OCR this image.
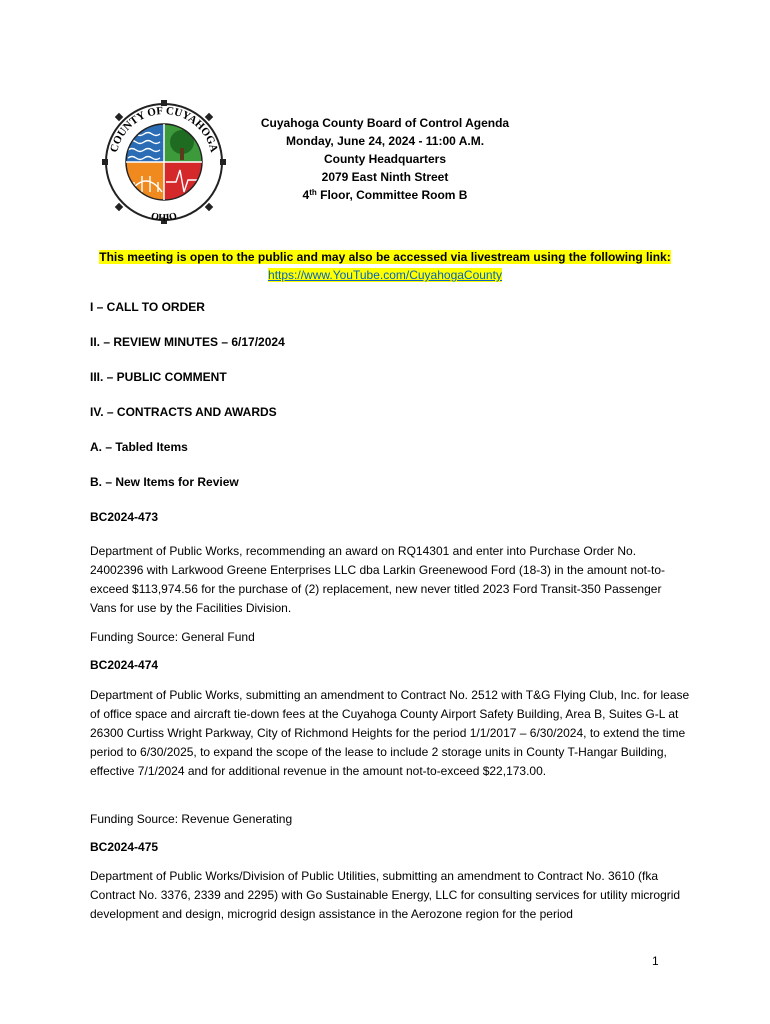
COUNTY OF CUYAHOGA
OHIO
Cuyahoga County Board of Control Agenda
Monday, June 24, 2024 - 11:00 A.M.
County Headquarters
2079 East Ninth Street
4th Floor, Committee Room B
This meeting is open to the public and may also be accessed via livestream using the following link:
https://www.YouTube.com/CuyahogaCounty
I – CALL TO ORDER
II. – REVIEW MINUTES – 6/17/2024
III. – PUBLIC COMMENT
IV. – CONTRACTS AND AWARDS
A. – Tabled Items
B. – New Items for Review
BC2024-473
Department of Public Works, recommending an award on RQ14301 and enter into Purchase Order No. 24002396 with Larkwood Greene Enterprises LLC dba Larkin Greenewood Ford (18-3) in the amount not-to-exceed $113,974.56 for the purchase of (2) replacement, new never titled 2023 Ford Transit-350 Passenger Vans for use by the Facilities Division.
Funding Source: General Fund
BC2024-474
Department of Public Works, submitting an amendment to Contract No. 2512 with T&G Flying Club, Inc. for lease of office space and aircraft tie-down fees at the Cuyahoga County Airport Safety Building, Area B, Suites G-L at 26300 Curtiss Wright Parkway, City of Richmond Heights for the period 1/1/2017 – 6/30/2024, to extend the time period to 6/30/2025, to expand the scope of the lease to include 2 storage units in County T-Hangar Building, effective 7/1/2024 and for additional revenue in the amount not-to-exceed $22,173.00.
Funding Source: Revenue Generating
BC2024-475
Department of Public Works/Division of Public Utilities, submitting an amendment to Contract No. 3610 (fka Contract No. 3376, 2339 and 2295) with Go Sustainable Energy, LLC for consulting services for utility microgrid development and design, microgrid design assistance in the Aerozone region for the period
1
